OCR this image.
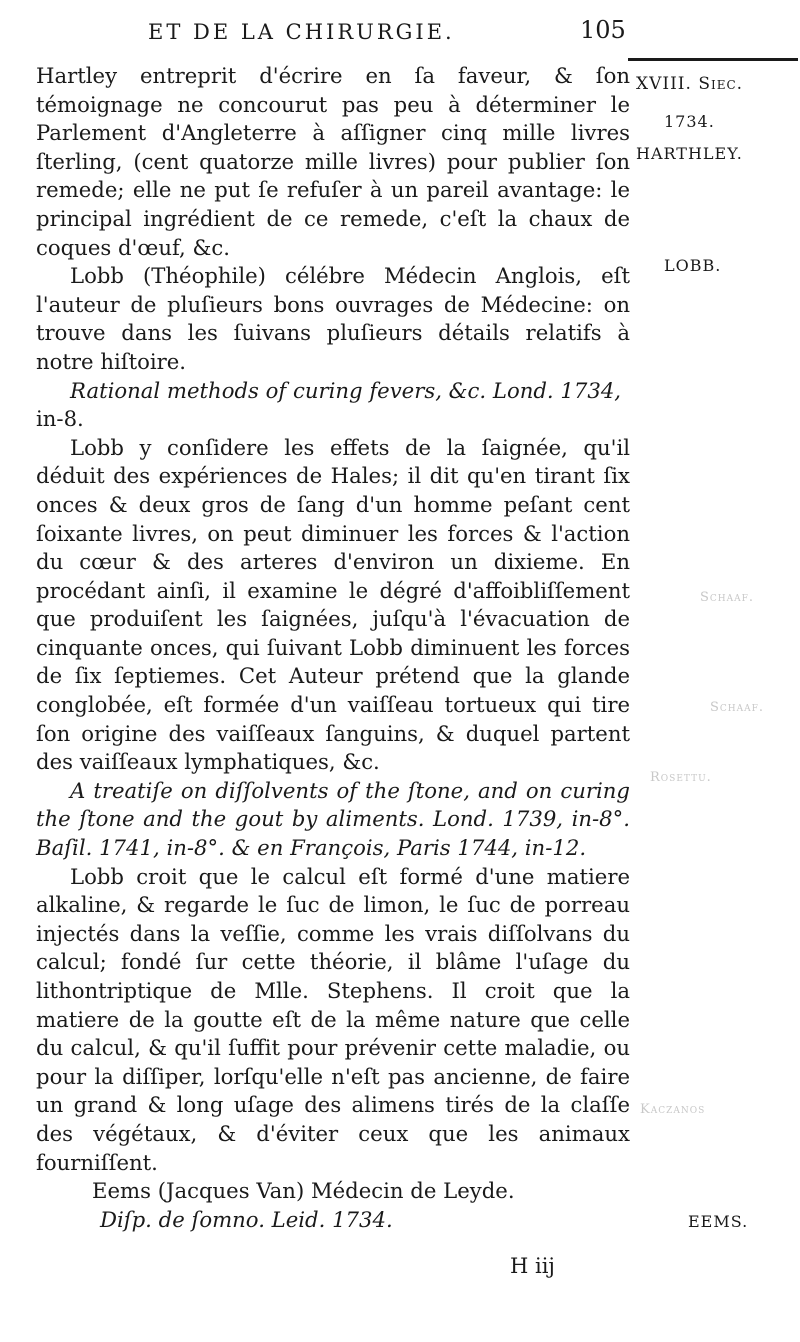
ET DE LA CHIRURGIE.	105
XVIII. Siec.
1734.
HARTHLEY.
LOBB.
EEMS.
Schaaf.
Schaaf.
Rosettu.
Kaczanos

Hartley entreprit d'écrire en ſa faveur, & ſon témoignage ne concourut pas peu à déterminer le Parlement d'Angleterre à aſſigner cinq mille livres ſterling, (cent quatorze mille livres) pour publier ſon remede; elle ne put ſe refuſer à un pareil avantage: le principal ingrédient de ce remede, c'eſt la chaux de coques d'œuf, &c.

Lobb (Théophile) célébre Médecin Anglois, eſt l'auteur de pluſieurs bons ouvrages de Médecine: on trouve dans les ſuivans pluſieurs détails relatifs à notre hiſtoire.

Rational methods of curing fevers, &c. Lond. 1734,
in-8.

Lobb y conſidere les effets de la ſaignée, qu'il déduit des expériences de Hales; il dit qu'en tirant ſix onces & deux gros de ſang d'un homme peſant cent ſoixante livres, on peut diminuer les forces & l'action du cœur & des arteres d'environ un dixieme. En procédant ainſi, il examine le dégré d'affoibliſſement que produiſent les ſaignées, juſqu'à l'évacuation de cinquante onces, qui ſuivant Lobb diminuent les forces de ſix ſeptiemes. Cet Auteur prétend que la glande conglobée, eſt formée d'un vaiſſeau tortueux qui tire ſon origine des vaiſſeaux ſanguins, & duquel partent des vaiſſeaux lymphatiques, &c.

A treatiſe on diſſolvents of the ſtone, and on curing the ſtone and the gout by aliments. Lond. 1739, in-8°. Baſil. 1741, in-8°. & en François, Paris 1744, in-12.

Lobb croit que le calcul eſt formé d'une matiere alkaline, & regarde le ſuc de limon, le ſuc de porreau injectés dans la veſſie, comme les vrais diſſolvans du calcul; fondé ſur cette théorie, il blâme l'uſage du lithontriptique de Mlle. Stephens. Il croit que la matiere de la goutte eſt de la même nature que celle du calcul, & qu'il ſuffit pour prévenir cette maladie, ou pour la diſſiper, lorſqu'elle n'eſt pas ancienne, de faire un grand & long uſage des alimens tirés de la claſſe des végétaux, & d'éviter ceux que les animaux fourniſſent.

Eems (Jacques Van) Médecin de Leyde.

Diſp. de ſomno. Leid. 1734.

H iij
